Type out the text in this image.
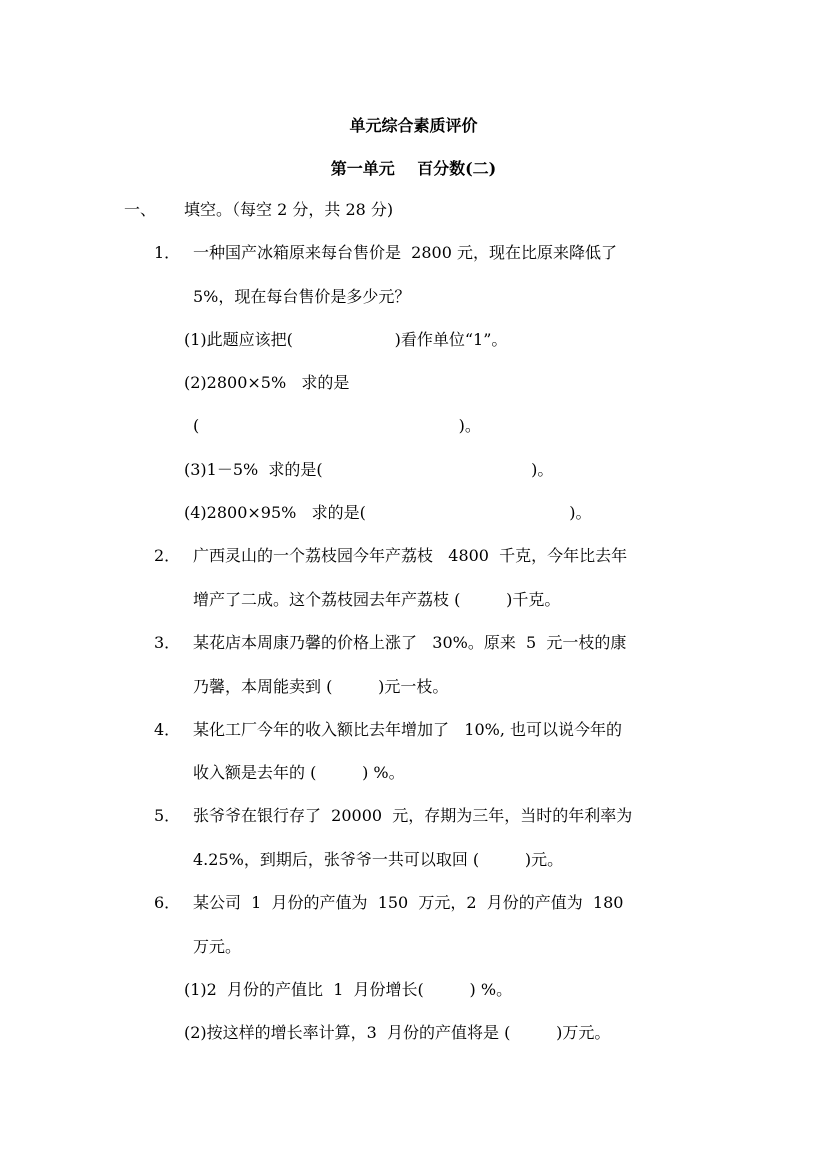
单元综合素质评价
第一单元    百分数(二)
一、 填空。（每空 2 分，共 28 分)
1． 一种国产冰箱原来每台售价是  2800 元，现在比原来降低了
5%，现在每台售价是多少元？
(1)此题应该把(                    )看作单位“1”。
(2)2800×5%   求的是
(                                                   )。
(3)1－5%  求的是(                                         )。
(4)2800×95%   求的是(                                        )。
2． 广西灵山的一个荔枝园今年产荔枝   4800  千克，今年比去年
增产了二成。这个荔枝园去年产荔枝 (         )千克。
3． 某花店本周康乃馨的价格上涨了   30%。原来  5  元一枝的康
乃馨，本周能卖到 (         )元一枝。
4． 某化工厂今年的收入额比去年增加了   10%, 也可以说今年的
收入额是去年的 (         ) %。
5． 张爷爷在银行存了  20000  元，存期为三年，当时的年利率为
4.25%，到期后，张爷爷一共可以取回 (         )元。
6． 某公司  1  月份的产值为  150  万元，2  月份的产值为  180
万元。
(1)2  月份的产值比  1  月份增长(         ) %。
(2)按这样的增长率计算，3  月份的产值将是 (         )万元。
